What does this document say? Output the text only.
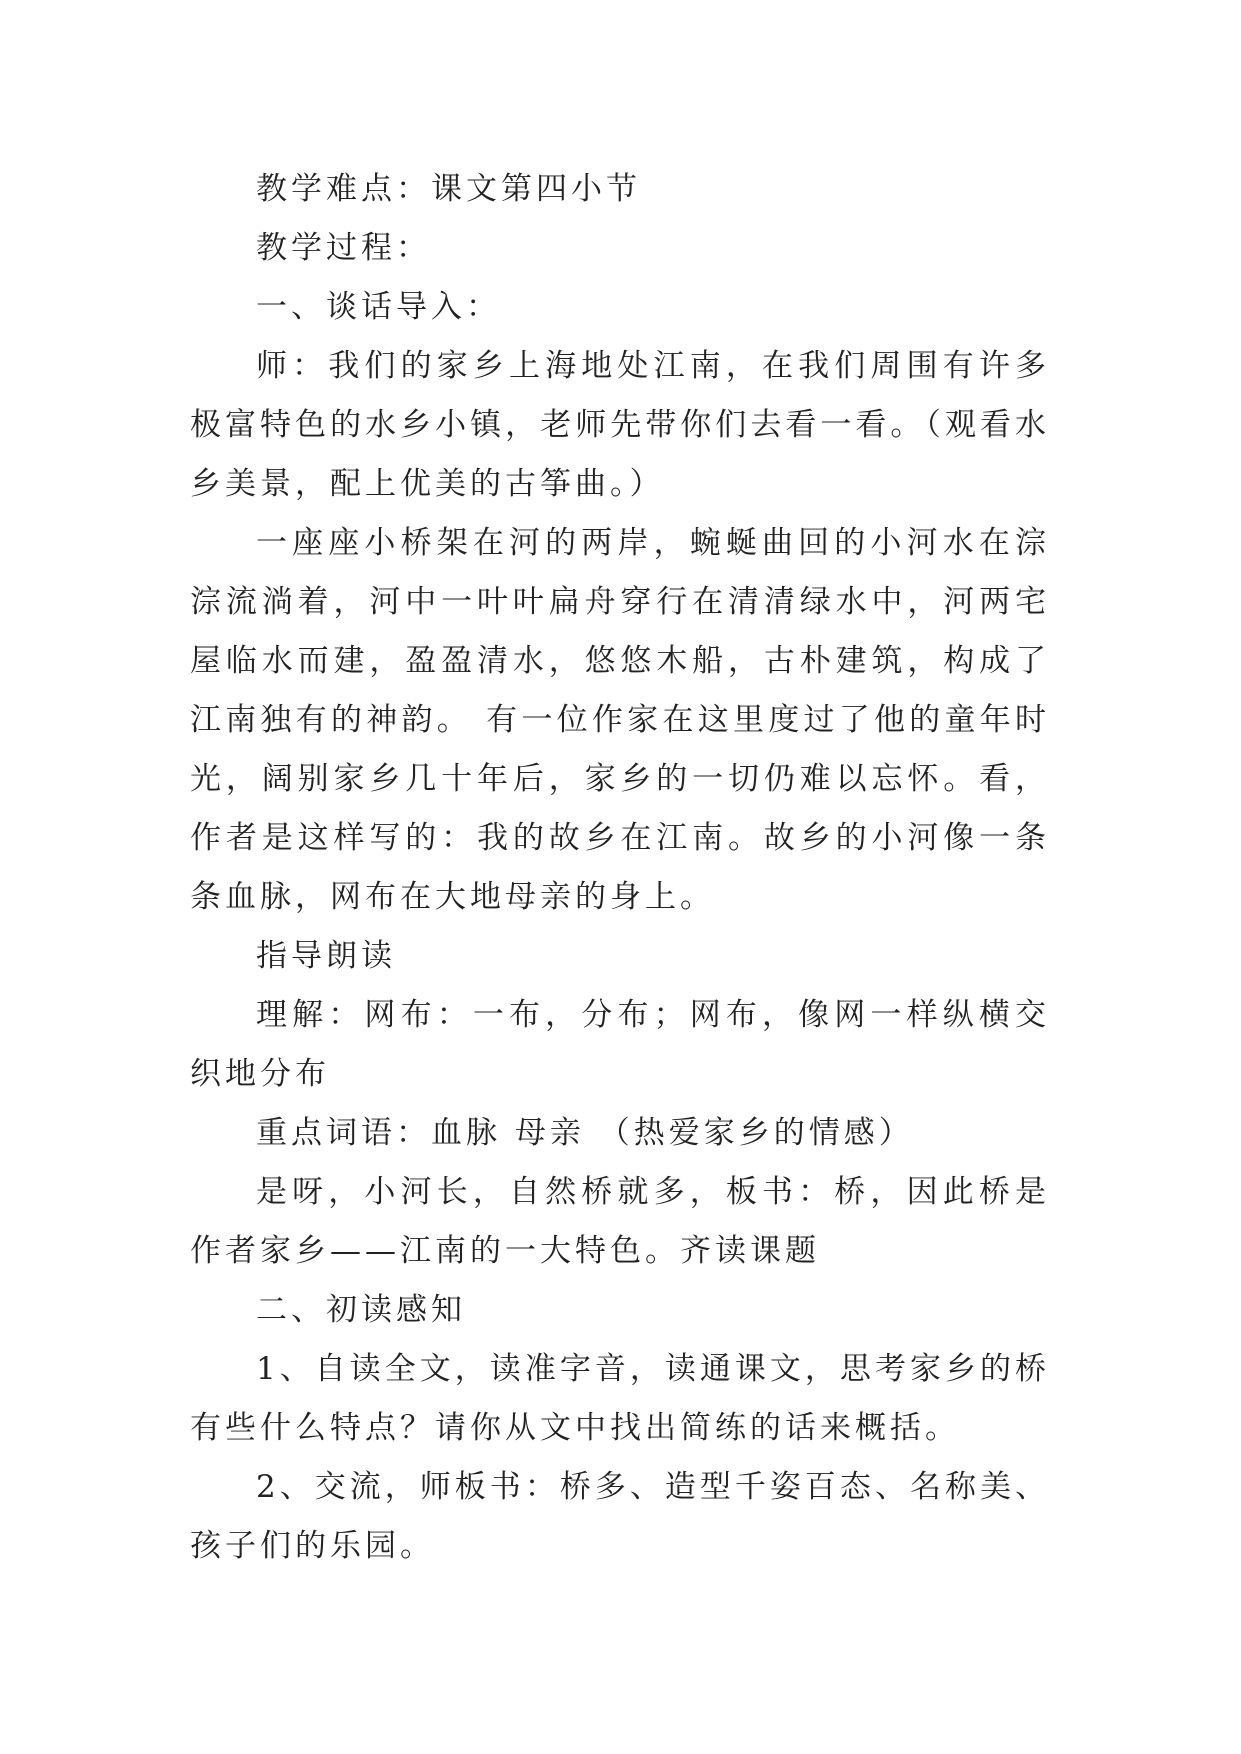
教学难点：课文第四小节

教学过程：

一、谈话导入：

师：我们的家乡上海地处江南，在我们周围有许多极富特色的水乡小镇，老师先带你们去看一看。（观看水乡美景，配上优美的古筝曲。）

一座座小桥架在河的两岸，蜿蜒曲回的小河水在淙淙流淌着，河中一叶叶扁舟穿行在清清绿水中，河两宅屋临水而建，盈盈清水，悠悠木船，古朴建筑，构成了江南独有的神韵。 有一位作家在这里度过了他的童年时光，阔别家乡几十年后，家乡的一切仍难以忘怀。看，作者是这样写的：我的故乡在江南。故乡的小河像一条条血脉，网布在大地母亲的身上。

指导朗读

理解：网布：一布，分布；网布，像网一样纵横交织地分布

重点词语：血脉 母亲 （热爱家乡的情感）

是呀，小河长，自然桥就多，板书：桥，因此桥是作者家乡——江南的一大特色。齐读课题

二、初读感知

1、自读全文，读准字音，读通课文，思考家乡的桥有些什么特点？请你从文中找出简练的话来概括。

2、交流，师板书：桥多、造型千姿百态、名称美、孩子们的乐园。
